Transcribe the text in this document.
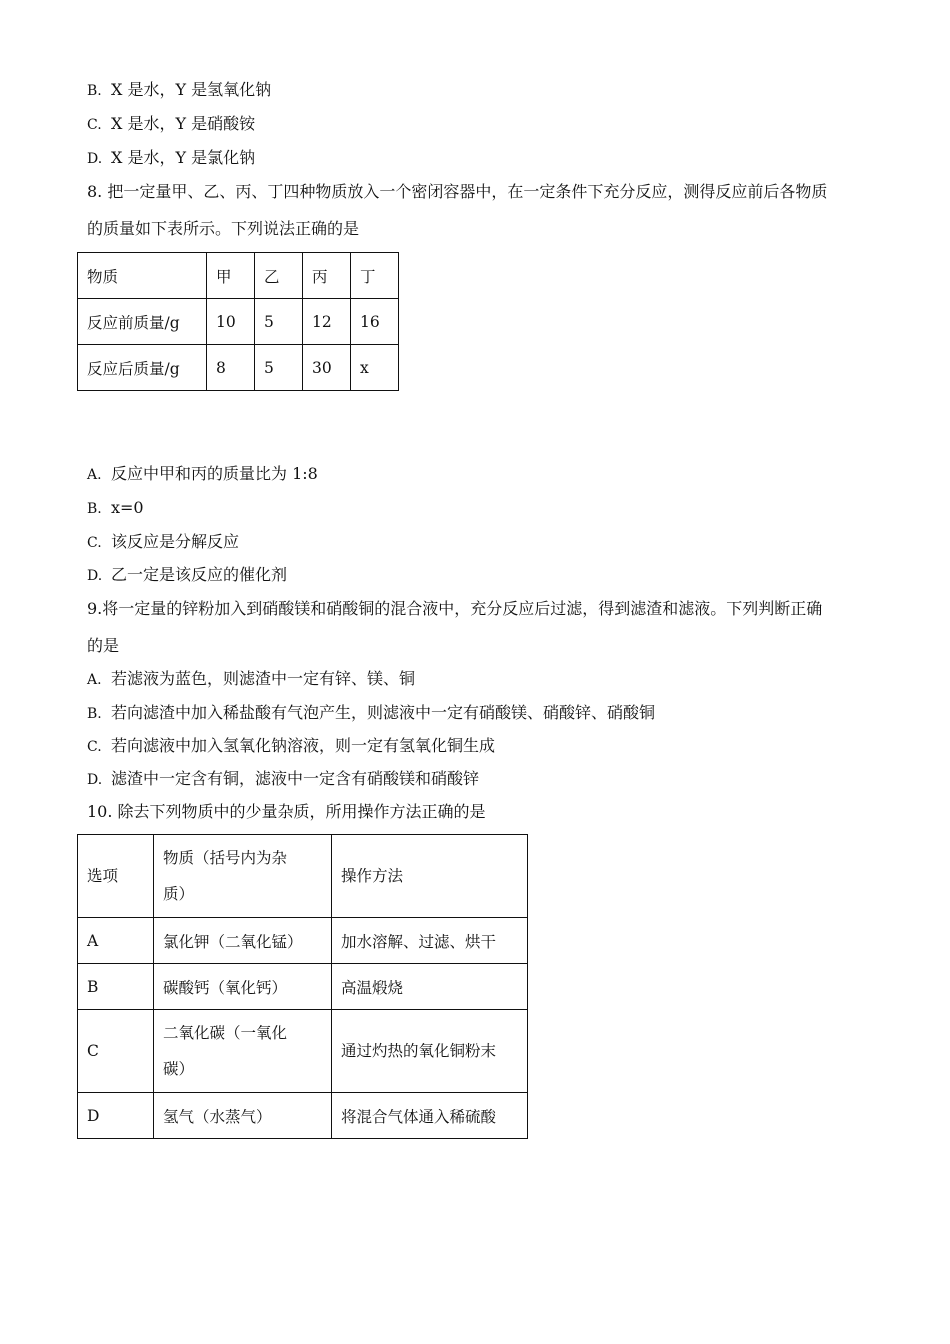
B. X 是水，Y 是氢氧化钠
C. X 是水，Y 是硝酸铵
D. X 是水，Y 是氯化钠
8. 把一定量甲、乙、丙、丁四种物质放入一个密闭容器中，在一定条件下充分反应，测得反应前后各物质
的质量如下表所示。下列说法正确的是
物质	甲	乙	丙	丁
反应前质量/g	10	5	12	16
反应后质量/g	8	5	30	x
A. 反应中甲和丙的质量比为 1:8
B. x=0
C. 该反应是分解反应
D. 乙一定是该反应的催化剂
9.将一定量的锌粉加入到硝酸镁和硝酸铜的混合液中，充分反应后过滤，得到滤渣和滤液。下列判断正确
的是
A. 若滤液为蓝色，则滤渣中一定有锌、镁、铜
B. 若向滤渣中加入稀盐酸有气泡产生，则滤液中一定有硝酸镁、硝酸锌、硝酸铜
C. 若向滤液中加入氢氧化钠溶液，则一定有氢氧化铜生成
D. 滤渣中一定含有铜，滤液中一定含有硝酸镁和硝酸锌
10. 除去下列物质中的少量杂质，所用操作方法正确的是
选项	物质（括号内为杂
质）	操作方法
A	氯化钾（二氧化锰）	加水溶解、过滤、烘干
B	碳酸钙（氧化钙）	高温煅烧
C	二氧化碳（一氧化
碳）	通过灼热的氧化铜粉末
D	氢气（水蒸气）	将混合气体通入稀硫酸
